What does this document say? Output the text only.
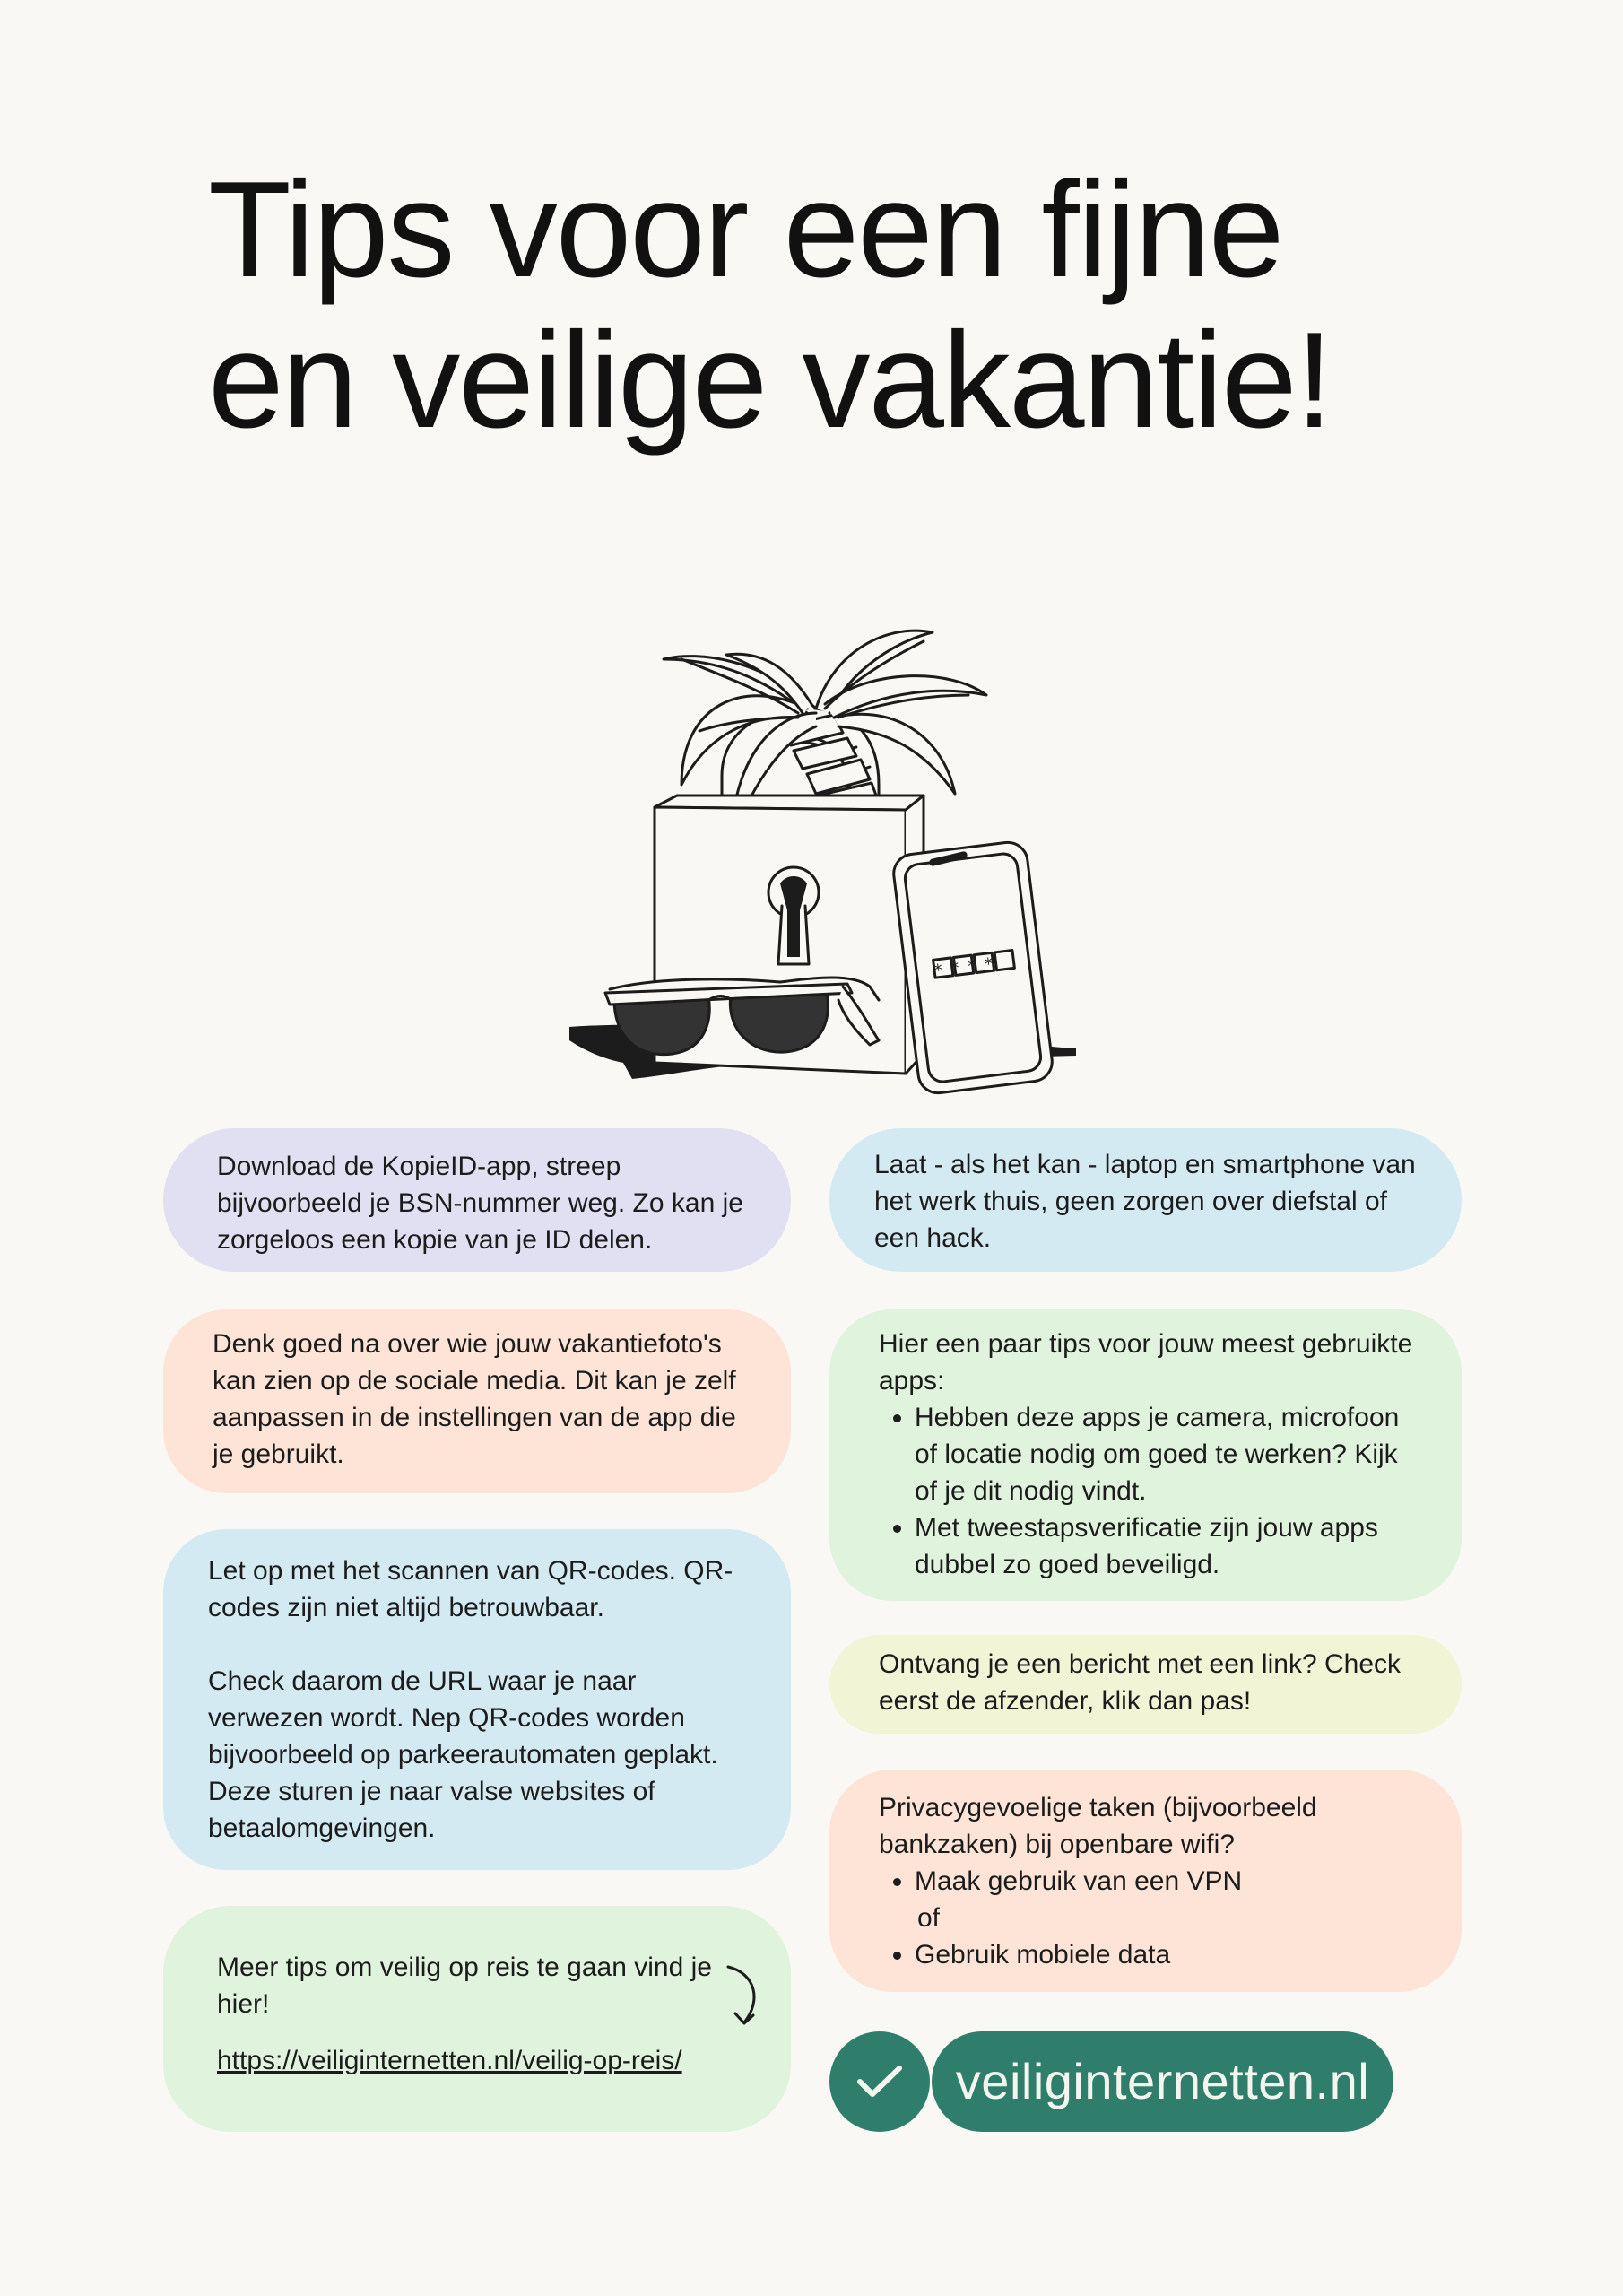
Tips voor een fijne
en veilige vakantie!
****

Download de KopieID-app, streep bijvoorbeeld je BSN-nummer weg. Zo kan je zorgeloos een kopie van je ID delen.

Laat - als het kan - laptop en smartphone van het werk thuis, geen zorgen over diefstal of een hack.

Denk goed na over wie jouw vakantiefoto's kan zien op de sociale media. Dit kan je zelf aanpassen in de instellingen van de app die je gebruikt.

Hier een paar tips voor jouw meest gebruikte apps:

• Hebben deze apps je camera, microfoon of locatie nodig om goed te werken? Kijk of je dit nodig vindt.
• Met tweestapsverificatie zijn jouw apps dubbel zo goed beveiligd.

Let op met het scannen van QR-codes. QR-codes zijn niet altijd betrouwbaar.

Check daarom de URL waar je naar verwezen wordt. Nep QR-codes worden bijvoorbeeld op parkeerautomaten geplakt. Deze sturen je naar valse websites of betaalomgevingen.

Ontvang je een bericht met een link? Check eerst de afzender, klik dan pas!

Privacygevoelige taken (bijvoorbeeld bankzaken) bij openbare wifi?

• Maak gebruik van een VPN

of

• Gebruik mobiele data

Meer tips om veilig op reis te gaan vind je hier!

https://veiliginternetten.nl/veilig-op-reis/	veiliginternetten.nl
